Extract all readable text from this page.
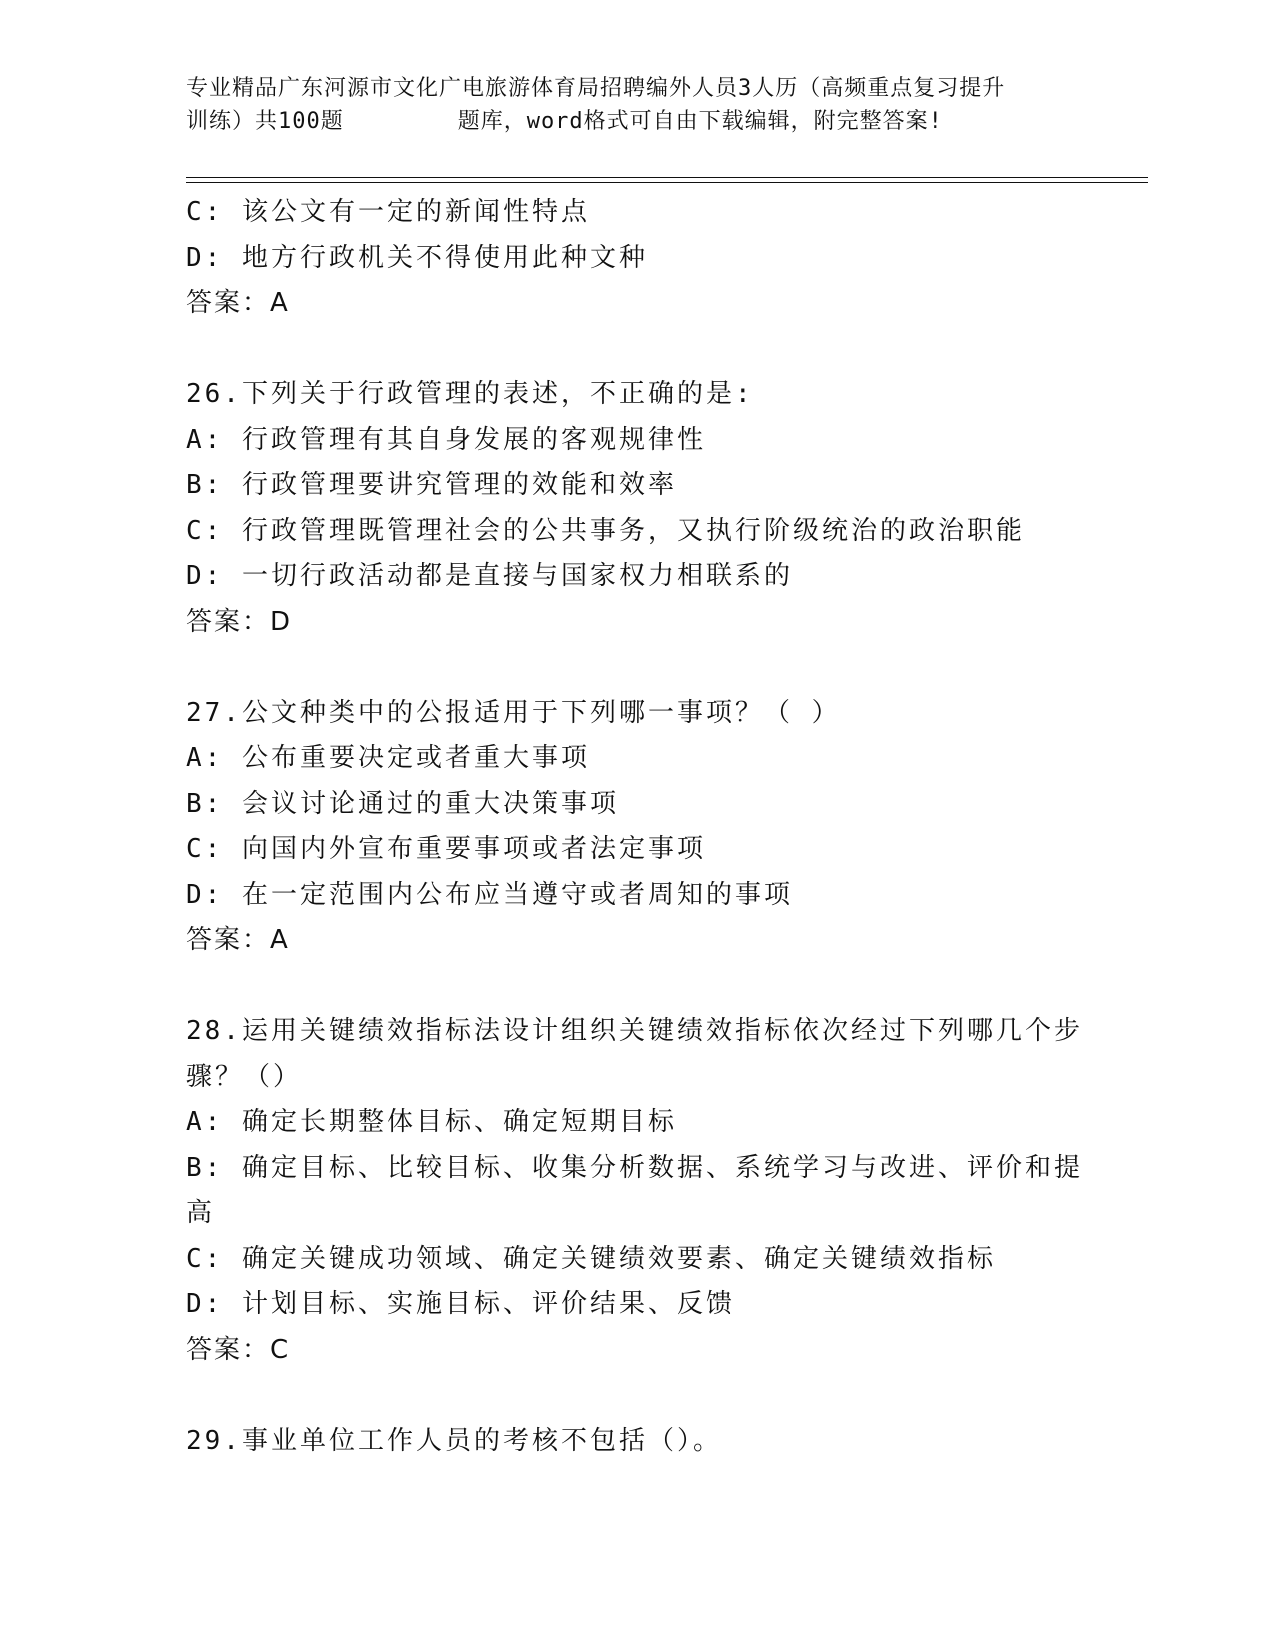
专业精品广东河源市文化广电旅游体育局招聘编外人员3人历（高频重点复习提升
训练）共100题        题库，word格式可自由下载编辑，附完整答案!
C: 该公文有一定的新闻性特点
D: 地方行政机关不得使用此种文种
答案：A
26.下列关于行政管理的表述，不正确的是:
A: 行政管理有其自身发展的客观规律性
B: 行政管理要讲究管理的效能和效率
C: 行政管理既管理社会的公共事务，又执行阶级统治的政治职能
D: 一切行政活动都是直接与国家权力相联系的
答案：D
27.公文种类中的公报适用于下列哪一事项？（ ）
A: 公布重要决定或者重大事项
B: 会议讨论通过的重大决策事项
C: 向国内外宣布重要事项或者法定事项
D: 在一定范围内公布应当遵守或者周知的事项
答案：A
28.运用关键绩效指标法设计组织关键绩效指标依次经过下列哪几个步
骤？（）
A: 确定长期整体目标、确定短期目标
B: 确定目标、比较目标、收集分析数据、系统学习与改进、评价和提
高
C: 确定关键成功领域、确定关键绩效要素、确定关键绩效指标
D: 计划目标、实施目标、评价结果、反馈
答案：C
29.事业单位工作人员的考核不包括（）。
